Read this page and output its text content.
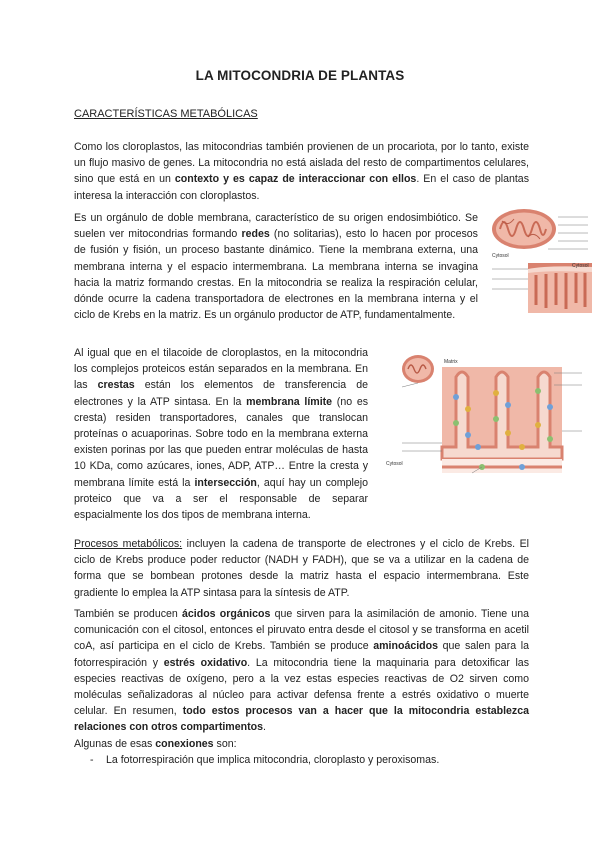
LA MITOCONDRIA DE PLANTAS

CARACTERÍSTICAS METABÓLICAS

Como los cloroplastos, las mitocondrias también provienen de un procariota, por lo tanto, existe un flujo masivo de genes. La mitocondria no está aislada del resto de compartimentos celulares, sino que está en un contexto y es capaz de interaccionar con ellos. En el caso de plantas interesa la interacción con cloroplastos.

Es un orgánulo de doble membrana, característico de su origen endosimbiótico. Se suelen ver mitocondrias formando redes (no solitarias), esto lo hacen por procesos de fusión y fisión, un proceso bastante dinámico. Tiene la membrana externa, una membrana interna y el espacio intermembrana. La membrana interna se invagina hacia la matriz formando crestas. En la mitocondria se realiza la respiración celular, dónde ocurre la cadena transportadora de electrones en la membrana interna y el ciclo de Krebs en la matriz. Es un orgánulo productor de ATP, fundamentalmente.

Cytosol
Cytosol

Al igual que en el tilacoide de cloroplastos, en la mitocondria los complejos proteicos están separados en la membrana. En las crestas están los elementos de transferencia de electrones y la ATP sintasa. En la membrana límite (no es cresta) residen transportadores, canales que translocan proteínas o acuaporinas. Sobre todo en la membrana externa existen porinas por las que pueden entrar moléculas de hasta 10 KDa, como azúcares, iones, ADP, ATP… Entre la cresta y membrana límite está la intersección, aquí hay un complejo proteico que va a ser el responsable de separar espacialmente los dos tipos de membrana interna.

Matrix
Cytosol

Procesos metabólicos: incluyen la cadena de transporte de electrones y el ciclo de Krebs. El ciclo de Krebs produce poder reductor (NADH y FADH), que se va a utilizar en la cadena de forma que se bombean protones desde la matriz hasta el espacio intermembrana. Este gradiente lo emplea la ATP sintasa para la síntesis de ATP.

También se producen ácidos orgánicos que sirven para la asimilación de amonio. Tiene una comunicación con el citosol, entonces el piruvato entra desde el citosol y se transforma en acetil coA, así participa en el ciclo de Krebs. También se produce aminoácidos que salen para la fotorrespiración y estrés oxidativo. La mitocondria tiene la maquinaria para detoxificar las especies reactivas de oxígeno, pero a la vez estas especies reactivas de O2 sirven como moléculas señalizadoras al núcleo para activar defensa frente a estrés oxidativo o muerte celular. En resumen, todo estos procesos van a hacer que la mitocondria establezca relaciones con otros compartimentos.

Algunas de esas conexiones son:

- La fotorrespiración que implica mitocondria, cloroplasto y peroxisomas.
